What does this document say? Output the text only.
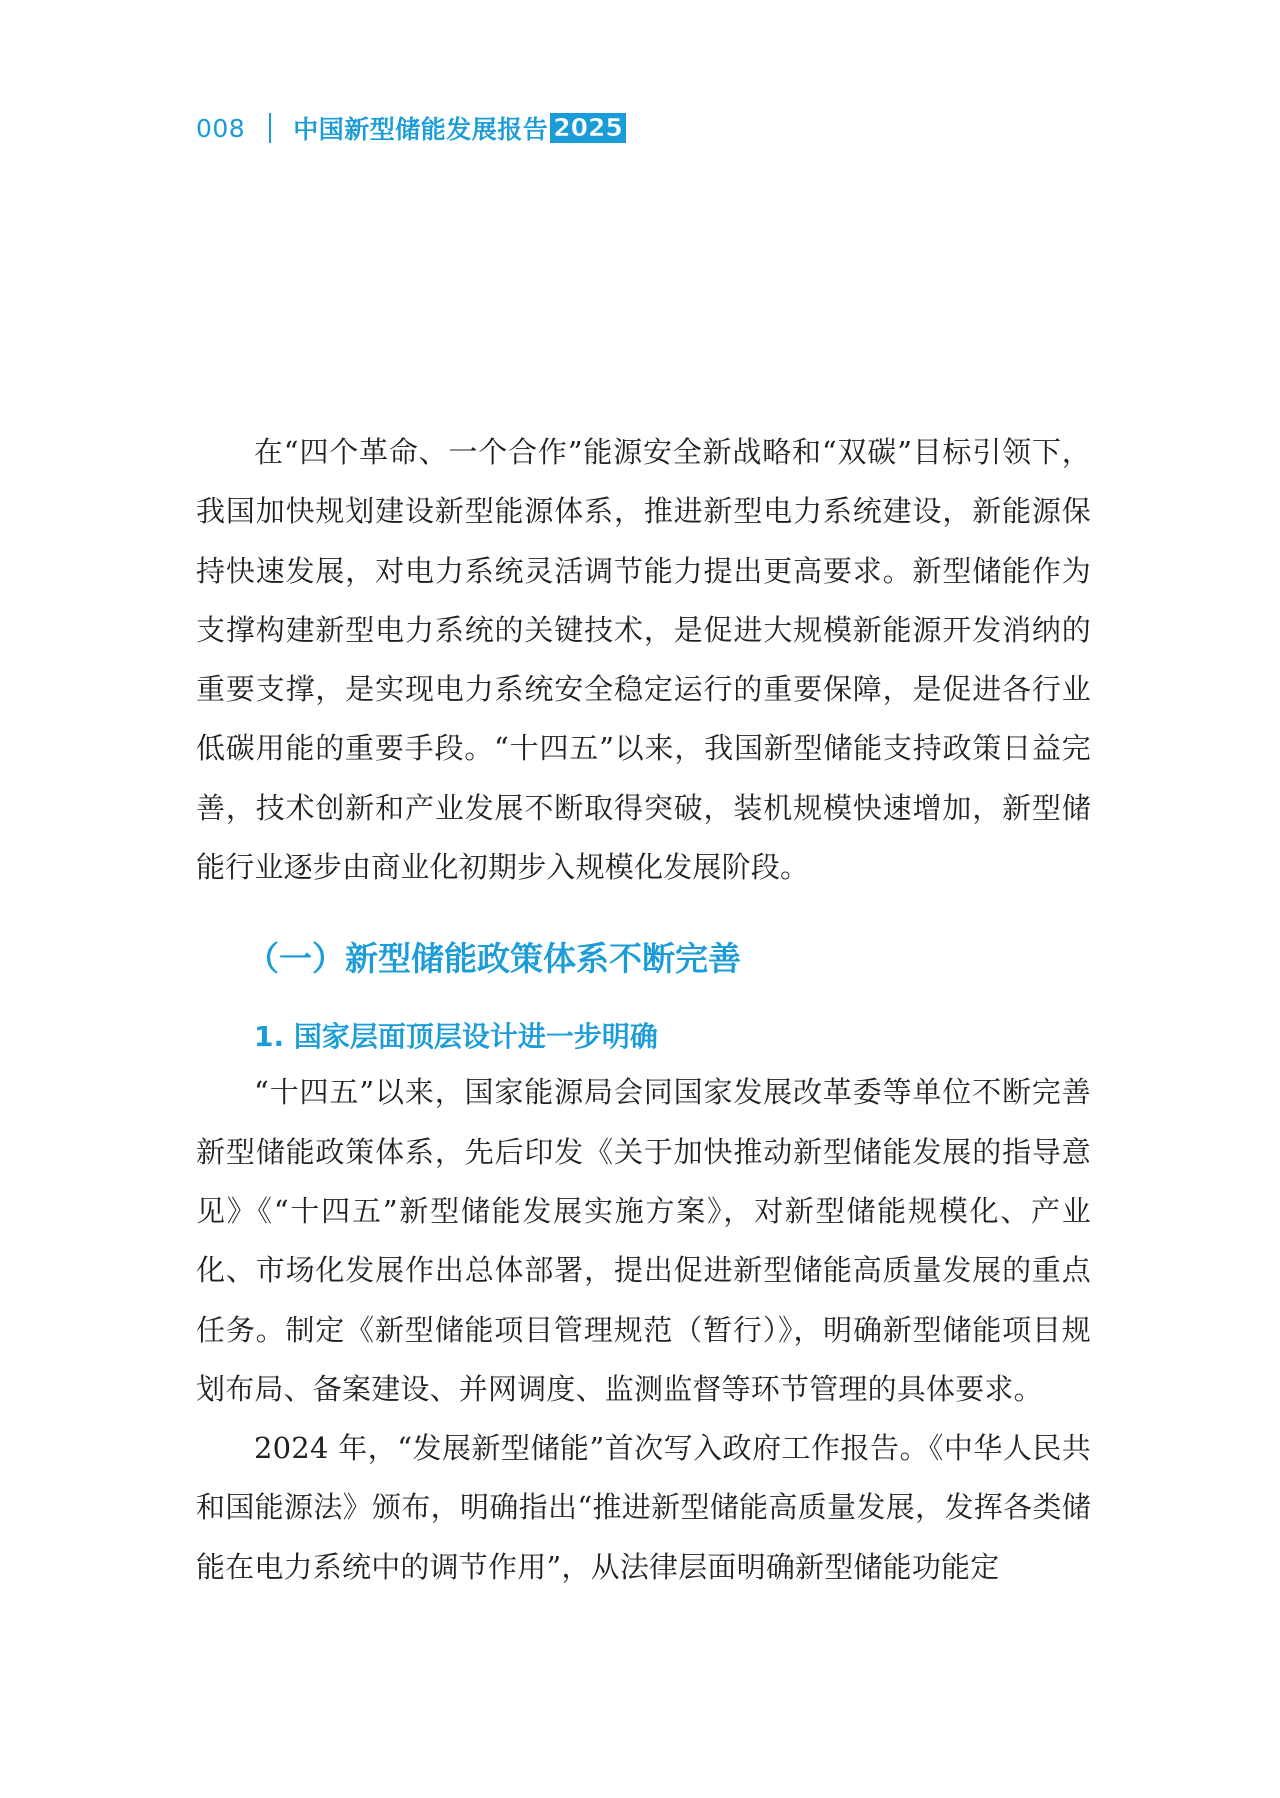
008 中国新型储能发展报告 2025

在“四个革命、一个合作”能源安全新战略和“双碳”目标引领下，我国加快规划建设新型能源体系，推进新型电力系统建设，新能源保持快速发展，对电力系统灵活调节能力提出更高要求。新型储能作为支撑构建新型电力系统的关键技术，是促进大规模新能源开发消纳的重要支撑，是实现电力系统安全稳定运行的重要保障，是促进各行业低碳用能的重要手段。“十四五”以来，我国新型储能支持政策日益完善，技术创新和产业发展不断取得突破，装机规模快速增加，新型储能行业逐步由商业化初期步入规模化发展阶段。

（一）新型储能政策体系不断完善
1. 国家层面顶层设计进一步明确

“十四五”以来，国家能源局会同国家发展改革委等单位不断完善新型储能政策体系，先后印发《关于加快推动新型储能发展的指导意见》《“十四五”新型储能发展实施方案》，对新型储能规模化、产业化、市场化发展作出总体部署，提出促进新型储能高质量发展的重点任务。制定《新型储能项目管理规范（暂行）》，明确新型储能项目规划布局、备案建设、并网调度、监测监督等环节管理的具体要求。

2024 年，“发展新型储能”首次写入政府工作报告。《中华人民共和国能源法》颁布，明确指出“推进新型储能高质量发展，发挥各类储能在电力系统中的调节作用”，从法律层面明确新型储能功能定
